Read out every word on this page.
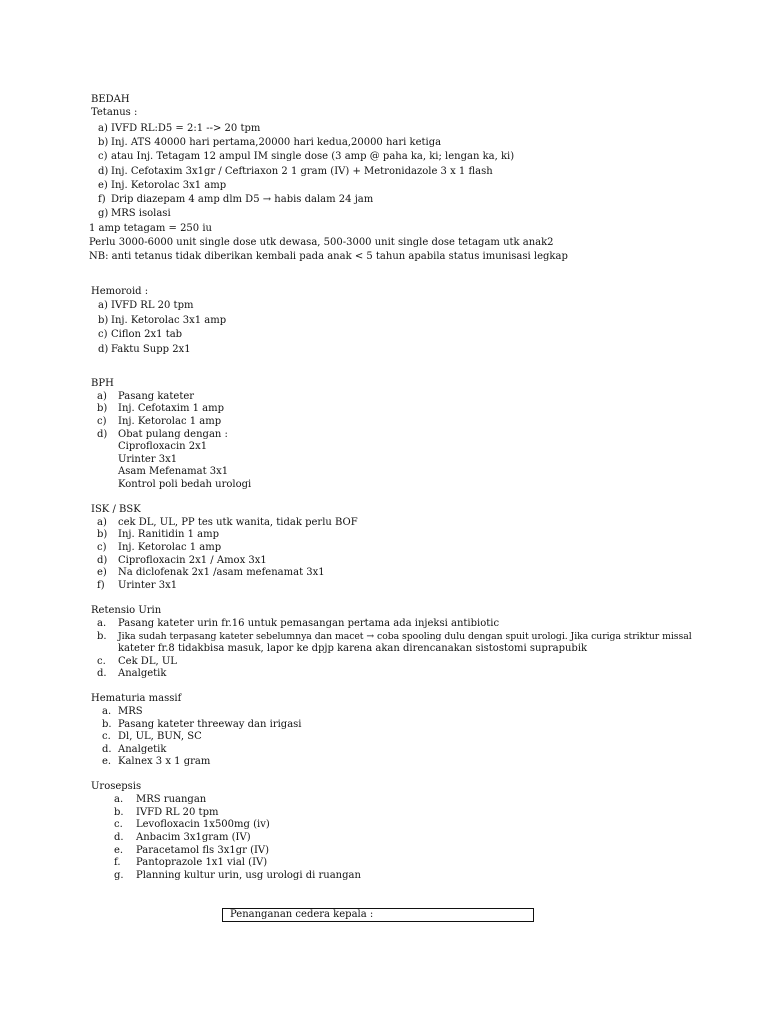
BEDAH
Tetanus :
a) IVFD RL:D5 = 2:1 --> 20 tpm
b) Inj. ATS 40000 hari pertama,20000 hari kedua,20000 hari ketiga
c) atau Inj. Tetagam 12 ampul IM single dose (3 amp @ paha ka, ki; lengan ka, ki)
d) Inj. Cefotaxim 3x1gr / Ceftriaxon 2 1 gram (IV) + Metronidazole 3 x 1 flash
e) Inj. Ketorolac 3x1 amp
f) Drip diazepam 4 amp dlm D5 → habis dalam 24 jam
g) MRS isolasi
1 amp tetagam = 250 iu
Perlu 3000-6000 unit single dose utk dewasa, 500-3000 unit single dose tetagam utk anak2
NB: anti tetanus tidak diberikan kembali pada anak < 5 tahun apabila status imunisasi legkap
Hemoroid :
a) IVFD RL 20 tpm
b) Inj. Ketorolac 3x1 amp
c) Ciflon 2x1 tab
d) Faktu Supp 2x1
BPH
a) Pasang kateter
b) Inj. Cefotaxim 1 amp
c) Inj. Ketorolac 1 amp
d) Obat pulang dengan :
Ciprofloxacin 2x1
Urinter 3x1
Asam Mefenamat 3x1
Kontrol poli bedah urologi
ISK / BSK
a) cek DL, UL, PP tes utk wanita, tidak perlu BOF
b) Inj. Ranitidin 1 amp
c) Inj. Ketorolac 1 amp
d) Ciprofloxacin 2x1 / Amox 3x1
e) Na diclofenak 2x1 /asam mefenamat 3x1
f) Urinter 3x1
Retensio Urin
a. Pasang kateter urin fr.16 untuk pemasangan pertama ada injeksi antibiotic
b. Jika sudah terpasang kateter sebelumnya dan macet → coba spooling dulu dengan spuit urologi. Jika curiga striktur missal
kateter fr.8 tidakbisa masuk, lapor ke dpjp karena akan direncanakan sistostomi suprapubik
c. Cek DL, UL
d. Analgetik
Hematuria massif
a. MRS
b. Pasang kateter threeway dan irigasi
c. Dl, UL, BUN, SC
d. Analgetik
e. Kalnex 3 x 1 gram
Urosepsis
a. MRS ruangan
b. IVFD RL 20 tpm
c. Levofloxacin 1x500mg (iv)
d. Anbacim 3x1gram (IV)
e. Paracetamol fls 3x1gr (IV)
f. Pantoprazole 1x1 vial (IV)
g. Planning kultur urin, usg urologi di ruangan
Penanganan cedera kepala :
